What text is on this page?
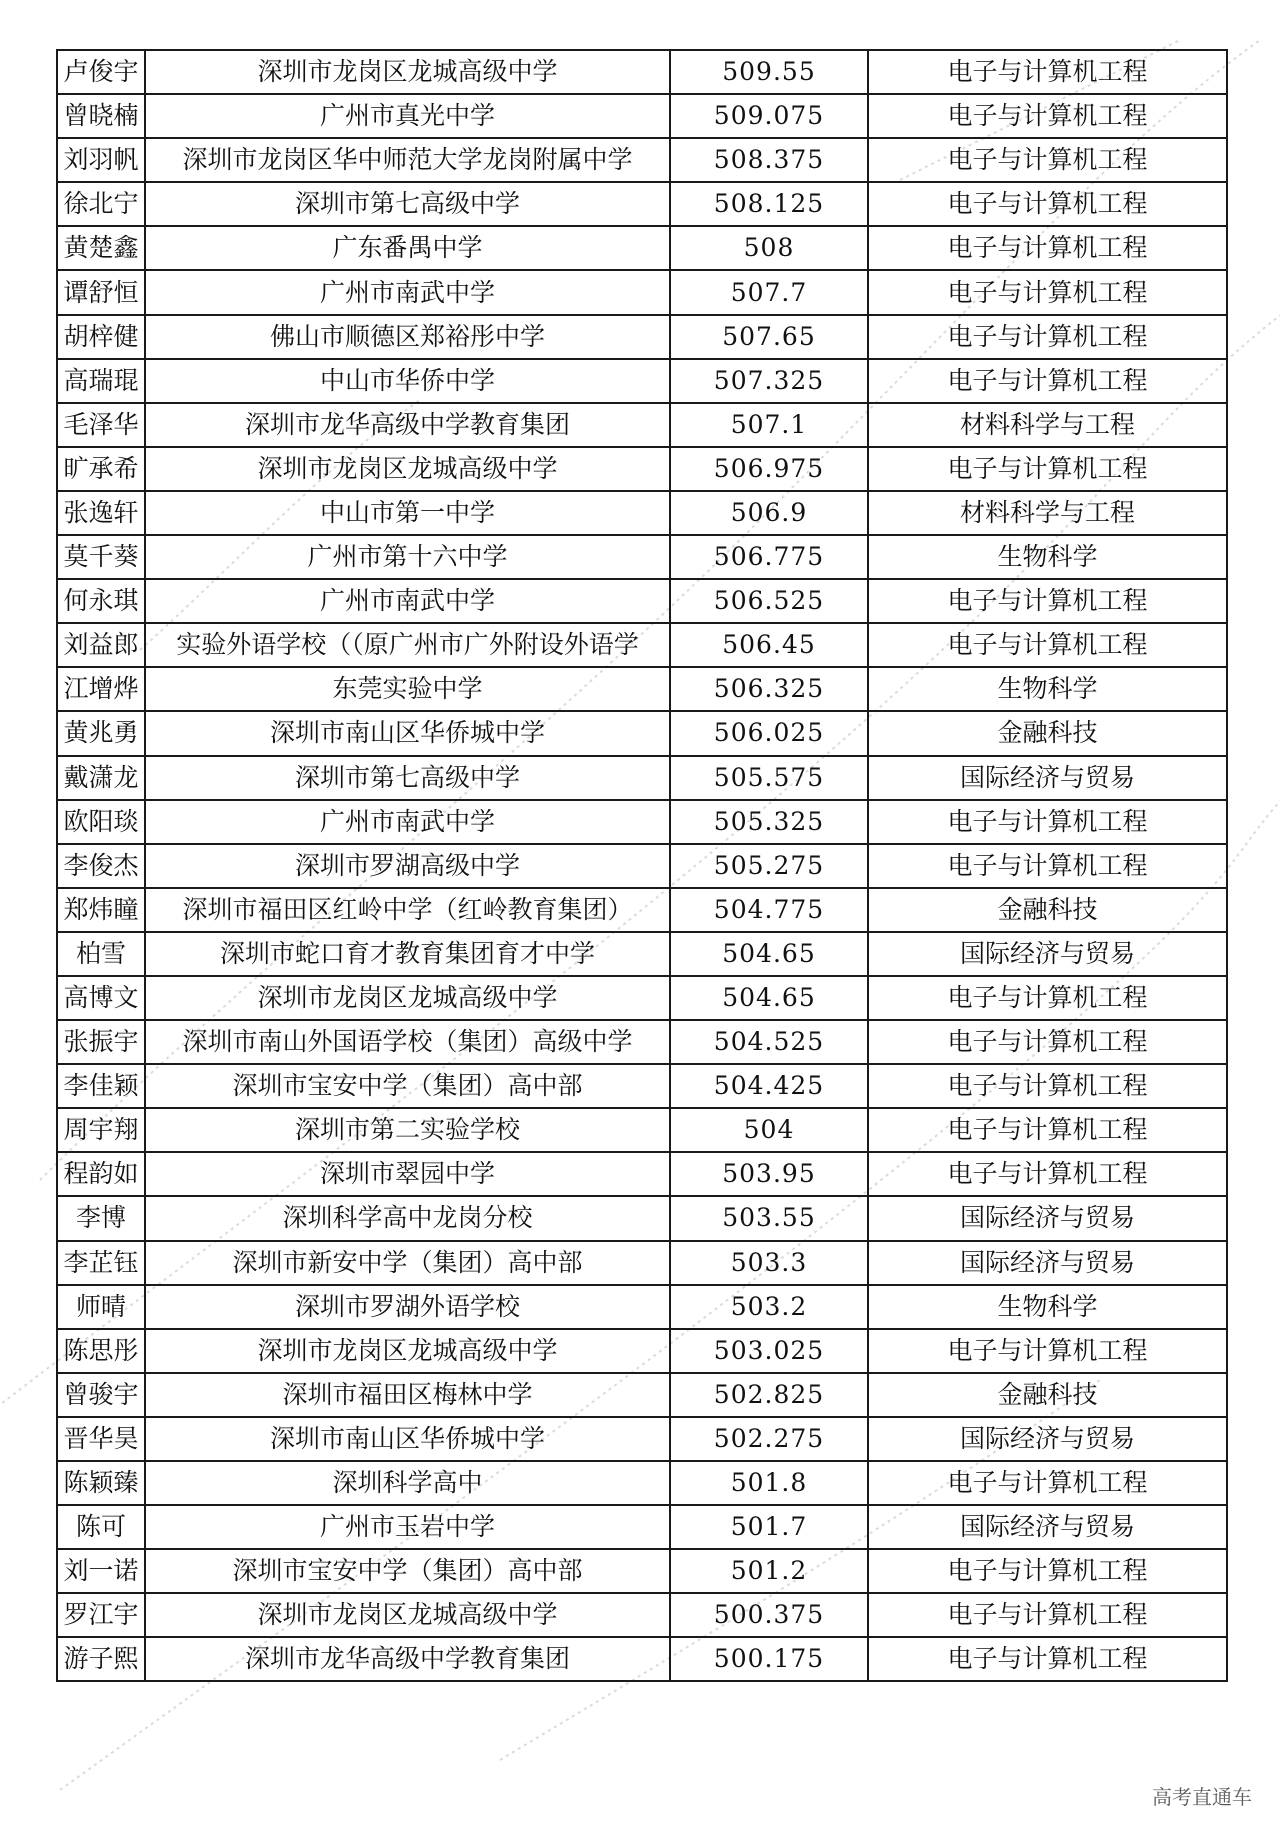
卢俊宇	深圳市龙岗区龙城高级中学	509.55	电子与计算机工程
曾晓楠	广州市真光中学	509.075	电子与计算机工程
刘羽帆	深圳市龙岗区华中师范大学龙岗附属中学	508.375	电子与计算机工程
徐北宁	深圳市第七高级中学	508.125	电子与计算机工程
黄楚鑫	广东番禺中学	508	电子与计算机工程
谭舒恒	广州市南武中学	507.7	电子与计算机工程
胡梓健	佛山市顺德区郑裕彤中学	507.65	电子与计算机工程
高瑞琨	中山市华侨中学	507.325	电子与计算机工程
毛泽华	深圳市龙华高级中学教育集团	507.1	材料科学与工程
旷承希	深圳市龙岗区龙城高级中学	506.975	电子与计算机工程
张逸轩	中山市第一中学	506.9	材料科学与工程
莫千葵	广州市第十六中学	506.775	生物科学
何永琪	广州市南武中学	506.525	电子与计算机工程
刘益郎	实验外语学校（（原广州市广外附设外语学	506.45	电子与计算机工程
江增烨	东莞实验中学	506.325	生物科学
黄兆勇	深圳市南山区华侨城中学	506.025	金融科技
戴潇龙	深圳市第七高级中学	505.575	国际经济与贸易
欧阳琰	广州市南武中学	505.325	电子与计算机工程
李俊杰	深圳市罗湖高级中学	505.275	电子与计算机工程
郑炜瞳	深圳市福田区红岭中学（红岭教育集团）	504.775	金融科技
柏雪	深圳市蛇口育才教育集团育才中学	504.65	国际经济与贸易
高博文	深圳市龙岗区龙城高级中学	504.65	电子与计算机工程
张振宇	深圳市南山外国语学校（集团）高级中学	504.525	电子与计算机工程
李佳颖	深圳市宝安中学（集团）高中部	504.425	电子与计算机工程
周宇翔	深圳市第二实验学校	504	电子与计算机工程
程韵如	深圳市翠园中学	503.95	电子与计算机工程
李博	深圳科学高中龙岗分校	503.55	国际经济与贸易
李芷钰	深圳市新安中学（集团）高中部	503.3	国际经济与贸易
师晴	深圳市罗湖外语学校	503.2	生物科学
陈思彤	深圳市龙岗区龙城高级中学	503.025	电子与计算机工程
曾骏宇	深圳市福田区梅林中学	502.825	金融科技
晋华昊	深圳市南山区华侨城中学	502.275	国际经济与贸易
陈颖臻	深圳科学高中	501.8	电子与计算机工程
陈可	广州市玉岩中学	501.7	国际经济与贸易
刘一诺	深圳市宝安中学（集团）高中部	501.2	电子与计算机工程
罗江宇	深圳市龙岗区龙城高级中学	500.375	电子与计算机工程
游子熙	深圳市龙华高级中学教育集团	500.175	电子与计算机工程
高考直通车
